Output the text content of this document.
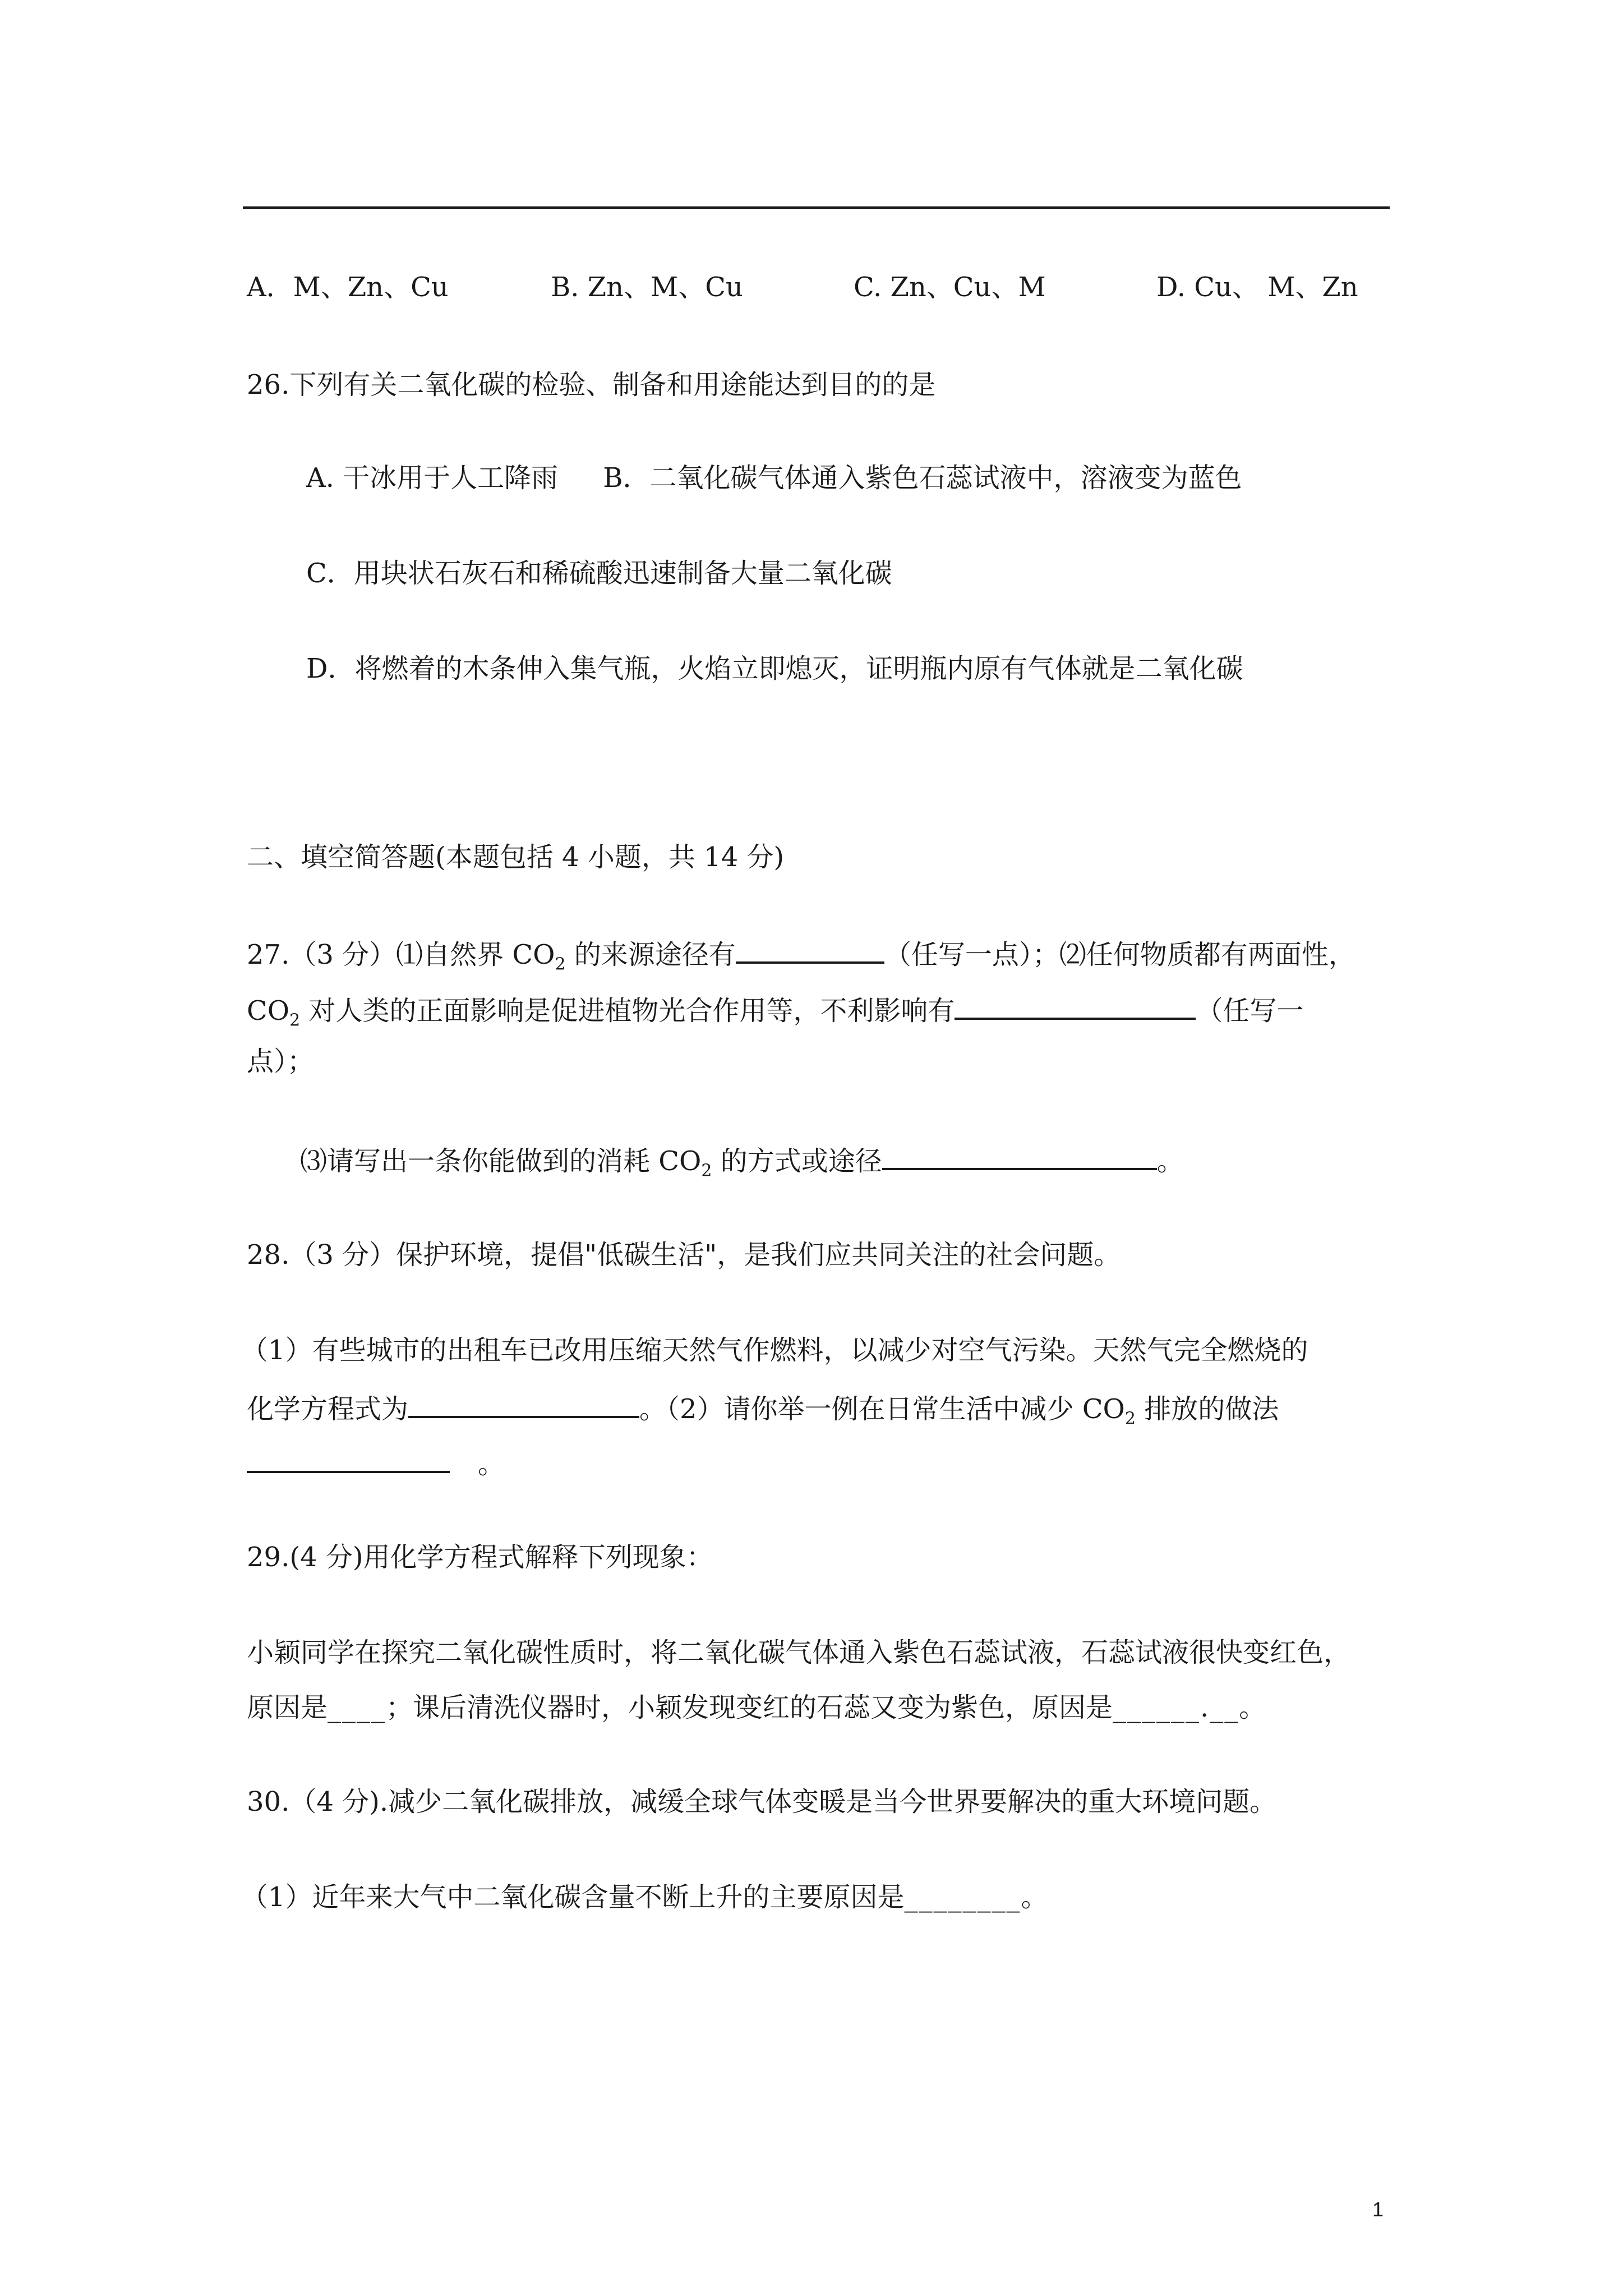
A．M、Zn、Cu	B. Zn、M、Cu	C. Zn、Cu、M	D. Cu、 M、Zn
26.下列有关二氧化碳的检验、制备和用途能达到目的的是
A. 干冰用于人工降雨 B．二氧化碳气体通入紫色石蕊试液中，溶液变为蓝色
C．用块状石灰石和稀硫酸迅速制备大量二氧化碳
D．将燃着的木条伸入集气瓶，火焰立即熄灭，证明瓶内原有气体就是二氧化碳
二、填空简答题(本题包括 4 小题，共 14 分)
27.（3 分）⑴自然界 $CO_2$ 的来源途径有	（任写一点）；⑵任何物质都有两面性，
$CO_2$ 对人类的正面影响是促进植物光合作用等，不利影响有	（任写一
点）；
⑶请写出一条你能做到的消耗 $CO_2$ 的方式或途径	。
28.（3 分）保护环境，提倡"低碳生活"，是我们应共同关注的社会问题。
（1）有些城市的出租车已改用压缩天然气作燃料，以减少对空气污染。天然气完全燃烧的
化学方程式为	。（2）请你举一例在日常生活中减少 $CO_2$ 排放的做法
。
29.(4 分)用化学方程式解释下列现象：
小颖同学在探究二氧化碳性质时，将二氧化碳气体通入紫色石蕊试液，石蕊试液很快变红色，
原因是____；课后清洗仪器时，小颖发现变红的石蕊又变为紫色，原因是______.__。
30.（4 分).减少二氧化碳排放，减缓全球气体变暖是当今世界要解决的重大环境问题。
（1）近年来大气中二氧化碳含量不断上升的主要原因是________。
1
